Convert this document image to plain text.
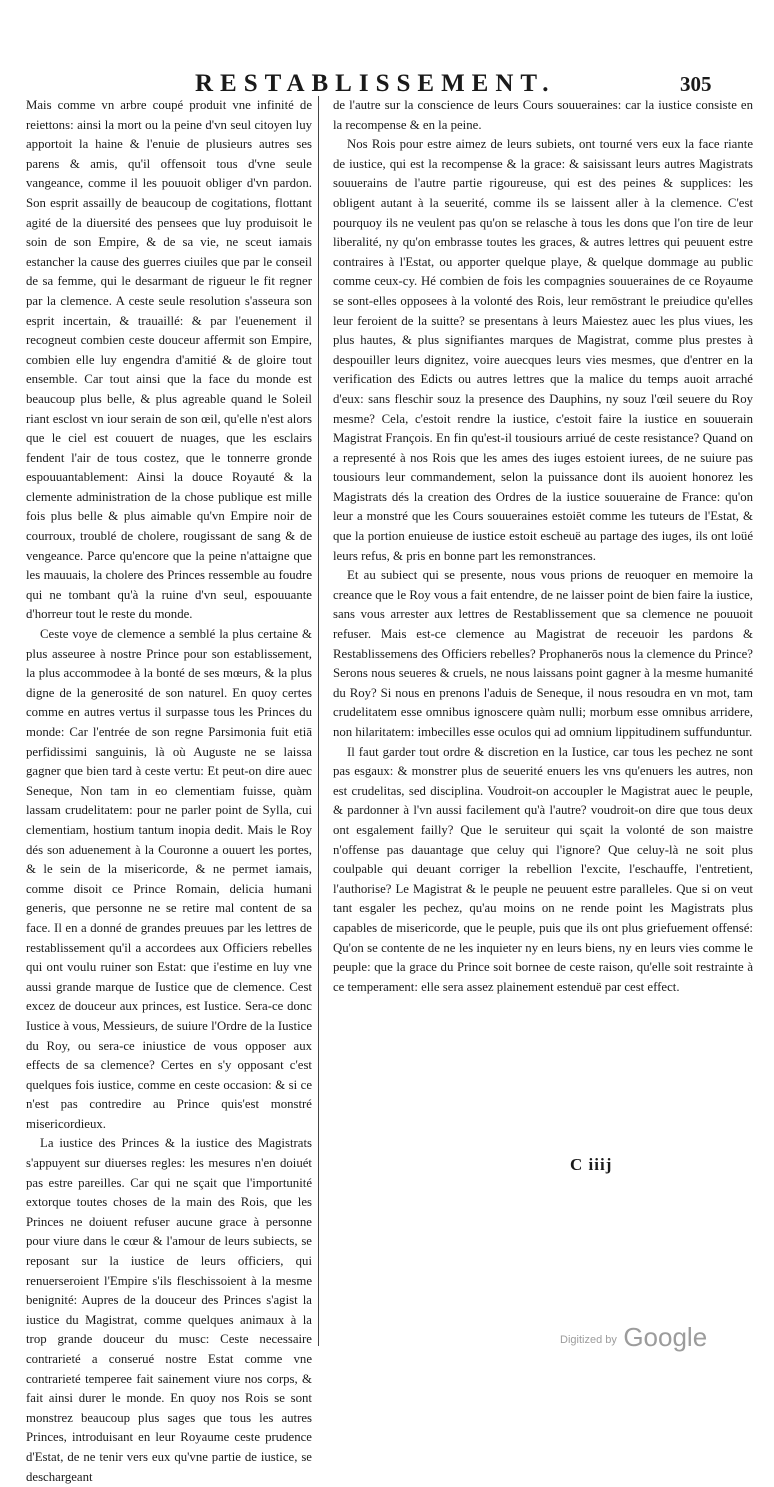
RESTABLISSEMENT.	305

Mais comme vn arbre coupé produit vne infinité de reiettons: ainsi la mort ou la peine d'vn seul citoyen luy apportoit la haine & l'enuie de plusieurs autres ses parens & amis, qu'il offensoit tous d'vne seule vangeance, comme il les pouuoit obliger d'vn pardon. Son esprit assailly de beaucoup de cogitations, flottant agité de la diuersité des pensees que luy produisoit le soin de son Empire, & de sa vie, ne sceut iamais estancher la cause des guerres ciuiles que par le conseil de sa femme, qui le desarmant de rigueur le fit regner par la clemence. A ceste seule resolution s'asseura son esprit incertain, & trauaillé: & par l'euenement il recogneut combien ceste douceur affermit son Empire, combien elle luy engendra d'amitié & de gloire tout ensemble. Car tout ainsi que la face du monde est beaucoup plus belle, & plus agreable quand le Soleil riant esclost vn iour serain de son œil, qu'elle n'est alors que le ciel est couuert de nuages, que les esclairs fendent l'air de tous costez, que le tonnerre gronde espouuantablement: Ainsi la douce Royauté & la clemente administration de la chose publique est mille fois plus belle & plus aimable qu'vn Empire noir de courroux, troublé de cholere, rougissant de sang & de vengeance. Parce qu'encore que la peine n'attaigne que les mauuais, la cholere des Princes ressemble au foudre qui ne tombant qu'à la ruine d'vn seul, espouuante d'horreur tout le reste du monde.

Ceste voye de clemence a semblé la plus certaine & plus asseuree à nostre Prince pour son establissement, la plus accommodee à la bonté de ses mœurs, & la plus digne de la generosité de son naturel. En quoy certes comme en autres vertus il surpasse tous les Princes du monde: Car l'entrée de son regne Parsimonia fuit etiā perfidissimi sanguinis, là où Auguste ne se laissa gagner que bien tard à ceste vertu: Et peut-on dire auec Seneque, Non tam in eo clementiam fuisse, quàm lassam crudelitatem: pour ne parler point de Sylla, cui clementiam, hostium tantum inopia dedit. Mais le Roy dés son aduenement à la Couronne a ouuert les portes, & le sein de la misericorde, & ne permet iamais, comme disoit ce Prince Romain, delicia humani generis, que personne ne se retire mal content de sa face. Il en a donné de grandes preuues par les lettres de restablissement qu'il a accordees aux Officiers rebelles qui ont voulu ruiner son Estat: que i'estime en luy vne aussi grande marque de Iustice que de clemence. Cest excez de douceur aux princes, est Iustice. Sera-ce donc Iustice à vous, Messieurs, de suiure l'Ordre de la Iustice du Roy, ou sera-ce iniustice de vous opposer aux effects de sa clemence? Certes en s'y opposant c'est quelques fois iustice, comme en ceste occasion: & si ce n'est pas contredire au Prince quis'est monstré misericordieux.

La iustice des Princes & la iustice des Magistrats s'appuyent sur diuerses regles: les mesures n'en doiuét pas estre pareilles. Car qui ne sçait que l'importunité extorque toutes choses de la main des Rois, que les Princes ne doiuent refuser aucune grace à personne pour viure dans le cœur & l'amour de leurs subiects, se reposant sur la iustice de leurs officiers, qui renuerseroient l'Empire s'ils fleschissoient à la mesme benignité: Aupres de la douceur des Princes s'agist la iustice du Magistrat, comme quelques animaux à la trop grande douceur du musc: Ceste necessaire contrarieté a conserué nostre Estat comme vne contrarieté temperee fait sainement viure nos corps, & fait ainsi durer le monde. En quoy nos Rois se sont monstrez beaucoup plus sages que tous les autres Princes, introduisant en leur Royaume ceste prudence d'Estat, de ne tenir vers eux qu'vne partie de iustice, se deschargeant

de l'autre sur la conscience de leurs Cours souueraines: car la iustice consiste en la recompense & en la peine.

Nos Rois pour estre aimez de leurs subiets, ont tourné vers eux la face riante de iustice, qui est la recompense & la grace: & saisissant leurs autres Magistrats souuerains de l'autre partie rigoureuse, qui est des peines & supplices: les obligent autant à la seuerité, comme ils se laissent aller à la clemence. C'est pourquoy ils ne veulent pas qu'on se relasche à tous les dons que l'on tire de leur liberalité, ny qu'on embrasse toutes les graces, & autres lettres qui peuuent estre contraires à l'Estat, ou apporter quelque playe, & quelque dommage au public comme ceux-cy. Hé combien de fois les compagnies souueraines de ce Royaume se sont-elles opposees à la volonté des Rois, leur remōstrant le preiudice qu'elles leur feroient de la suitte? se presentans à leurs Maiestez auec les plus viues, les plus hautes, & plus signifiantes marques de Magistrat, comme plus prestes à despouiller leurs dignitez, voire auecques leurs vies mesmes, que d'entrer en la verification des Edicts ou autres lettres que la malice du temps auoit arraché d'eux: sans fleschir souz la presence des Dauphins, ny souz l'œil seuere du Roy mesme? Cela, c'estoit rendre la iustice, c'estoit faire la iustice en souuerain Magistrat François. En fin qu'est-il tousiours arriué de ceste resistance? Quand on a representé à nos Rois que les ames des iuges estoient iurees, de ne suiure pas tousiours leur commandement, selon la puissance dont ils auoient honorez les Magistrats dés la creation des Ordres de la iustice souueraine de France: qu'on leur a monstré que les Cours souueraines estoiēt comme les tuteurs de l'Estat, & que la portion enuieuse de iustice estoit escheuë au partage des iuges, ils ont loüé leurs refus, & pris en bonne part les remonstrances.

Et au subiect qui se presente, nous vous prions de reuoquer en memoire la creance que le Roy vous a fait entendre, de ne laisser point de bien faire la iustice, sans vous arrester aux lettres de Restablissement que sa clemence ne pouuoit refuser. Mais est-ce clemence au Magistrat de receuoir les pardons & Restablissemens des Officiers rebelles? Prophanerōs nous la clemence du Prince? Serons nous seueres & cruels, ne nous laissans point gagner à la mesme humanité du Roy? Si nous en prenons l'aduis de Seneque, il nous resoudra en vn mot, tam crudelitatem esse omnibus ignoscere quàm nulli; morbum esse omnibus arridere, non hilaritatem: imbecilles esse oculos qui ad omnium lippitudinem suffunduntur.

Il faut garder tout ordre & discretion en la Iustice, car tous les pechez ne sont pas esgaux: & monstrer plus de seuerité enuers les vns qu'enuers les autres, non est crudelitas, sed disciplina. Voudroit-on accoupler le Magistrat auec le peuple, & pardonner à l'vn aussi facilement qu'à l'autre? voudroit-on dire que tous deux ont esgalement failly? Que le seruiteur qui sçait la volonté de son maistre n'offense pas dauantage que celuy qui l'ignore? Que celuy-là ne soit plus coulpable qui deuant corriger la rebellion l'excite, l'eschauffe, l'entretient, l'authorise? Le Magistrat & le peuple ne peuuent estre paralleles. Que si on veut tant esgaler les pechez, qu'au moins on ne rende point les Magistrats plus capables de misericorde, que le peuple, puis que ils ont plus griefuement offensé: Qu'on se contente de ne les inquieter ny en leurs biens, ny en leurs vies comme le peuple: que la grace du Prince soit bornee de ceste raison, qu'elle soit restrainte à ce temperament: elle sera assez plainement estenduë par cest effect.

C iiij
Digitized by Google
